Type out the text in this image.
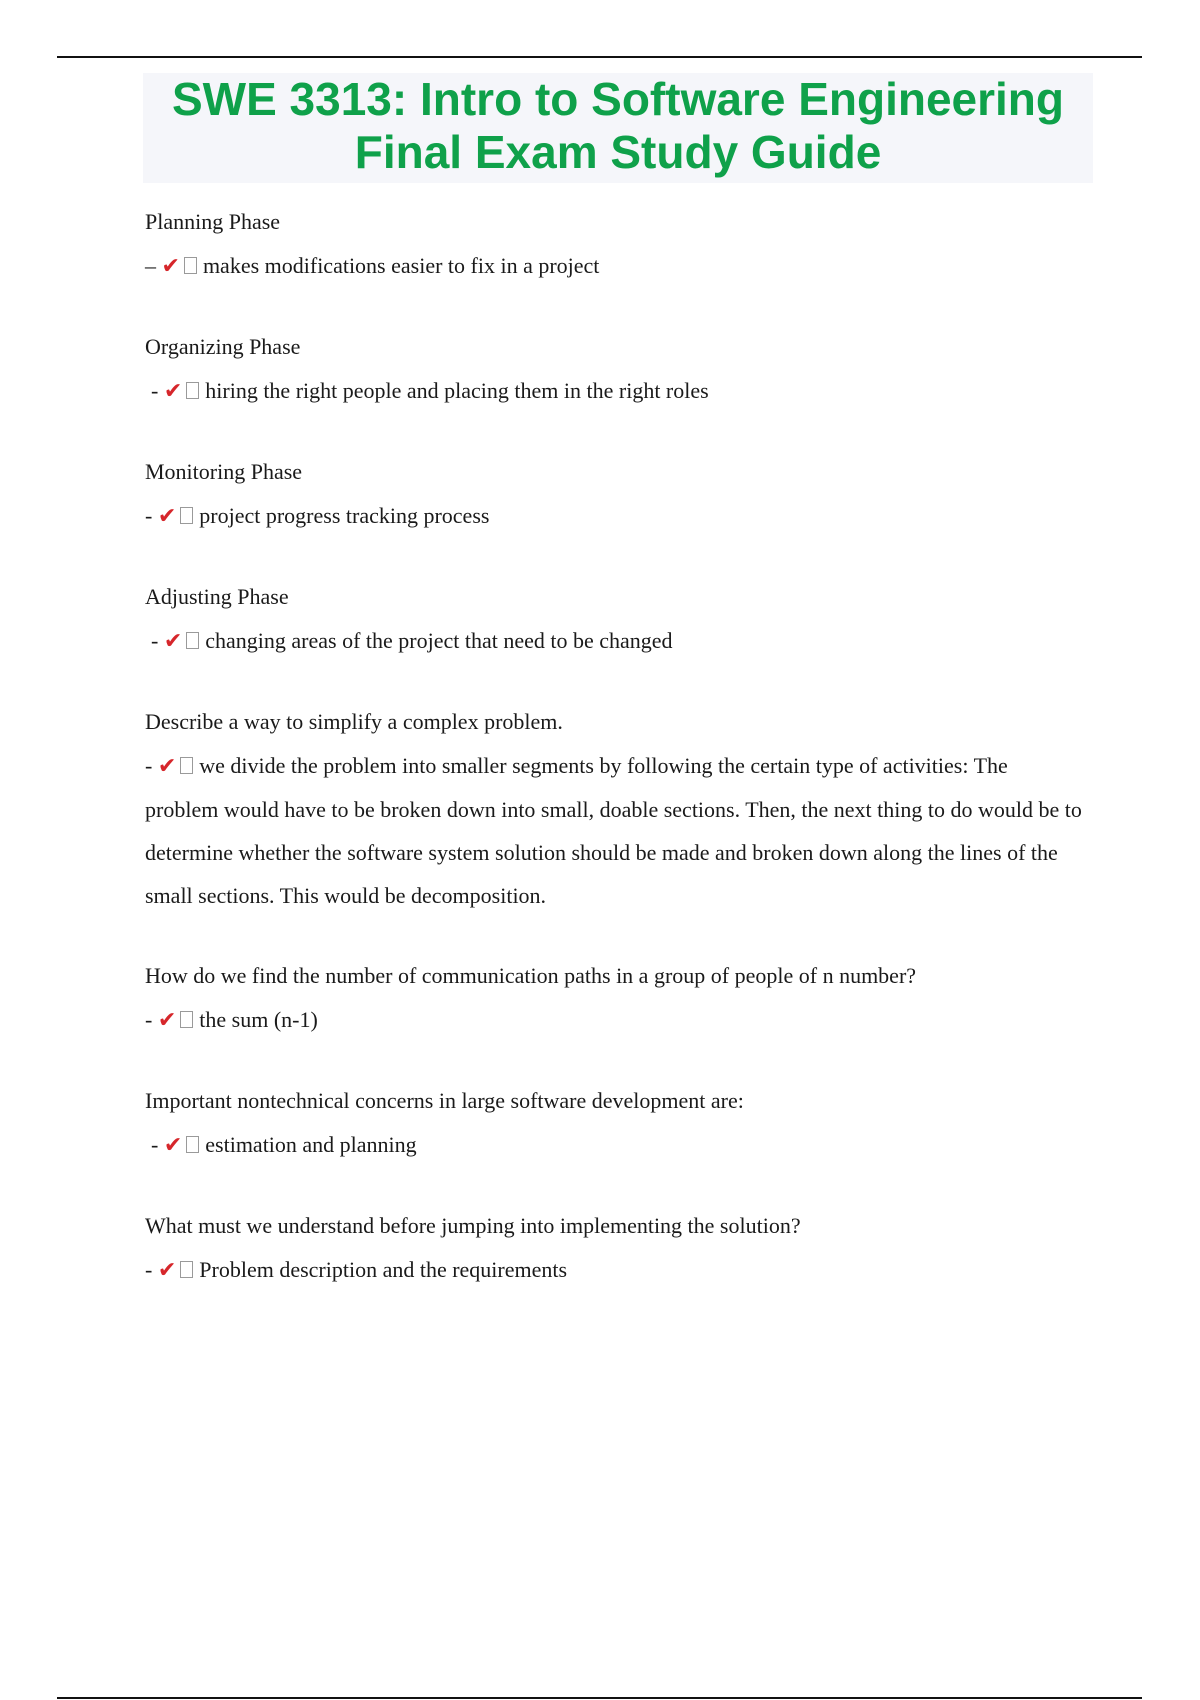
SWE 3313: Intro to Software Engineering
Final Exam Study Guide
Planning Phase
– ✔ makes modifications easier to fix in a project
Organizing Phase
- ✔ hiring the right people and placing them in the right roles
Monitoring Phase
- ✔ project progress tracking process
Adjusting Phase
- ✔ changing areas of the project that need to be changed
Describe a way to simplify a complex problem.
- ✔ we divide the problem into smaller segments by following the certain type of activities: The problem would have to be broken down into small, doable sections. Then, the next thing to do would be to determine whether the software system solution should be made and broken down along the lines of the small sections. This would be decomposition.
How do we find the number of communication paths in a group of people of n number?
- ✔ the sum (n-1)
Important nontechnical concerns in large software development are:
- ✔ estimation and planning
What must we understand before jumping into implementing the solution?
- ✔ Problem description and the requirements
